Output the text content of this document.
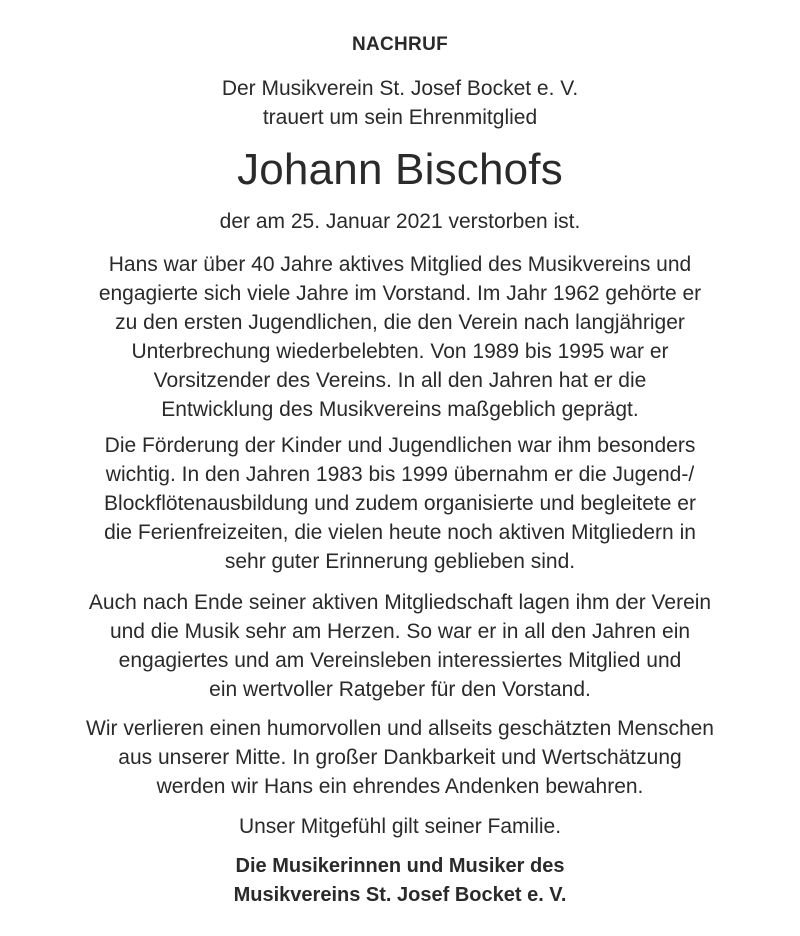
NACHRUF
Der Musikverein St. Josef Bocket e. V.
trauert um sein Ehrenmitglied
Johann Bischofs
der am 25. Januar 2021 verstorben ist.
Hans war über 40 Jahre aktives Mitglied des Musikvereins und
engagierte sich viele Jahre im Vorstand. Im Jahr 1962 gehörte er
zu den ersten Jugendlichen, die den Verein nach langjähriger
Unterbrechung wiederbelebten. Von 1989 bis 1995 war er
Vorsitzender des Vereins. In all den Jahren hat er die
Entwicklung des Musikvereins maßgeblich geprägt.
Die Förderung der Kinder und Jugendlichen war ihm besonders
wichtig. In den Jahren 1983 bis 1999 übernahm er die Jugend-/
Blockflötenausbildung und zudem organisierte und begleitete er
die Ferienfreizeiten, die vielen heute noch aktiven Mitgliedern in
sehr guter Erinnerung geblieben sind.
Auch nach Ende seiner aktiven Mitgliedschaft lagen ihm der Verein
und die Musik sehr am Herzen. So war er in all den Jahren ein
engagiertes und am Vereinsleben interessiertes Mitglied und
ein wertvoller Ratgeber für den Vorstand.
Wir verlieren einen humorvollen und allseits geschätzten Menschen
aus unserer Mitte. In großer Dankbarkeit und Wertschätzung
werden wir Hans ein ehrendes Andenken bewahren.
Unser Mitgefühl gilt seiner Familie.
Die Musikerinnen und Musiker des
Musikvereins St. Josef Bocket e. V.
